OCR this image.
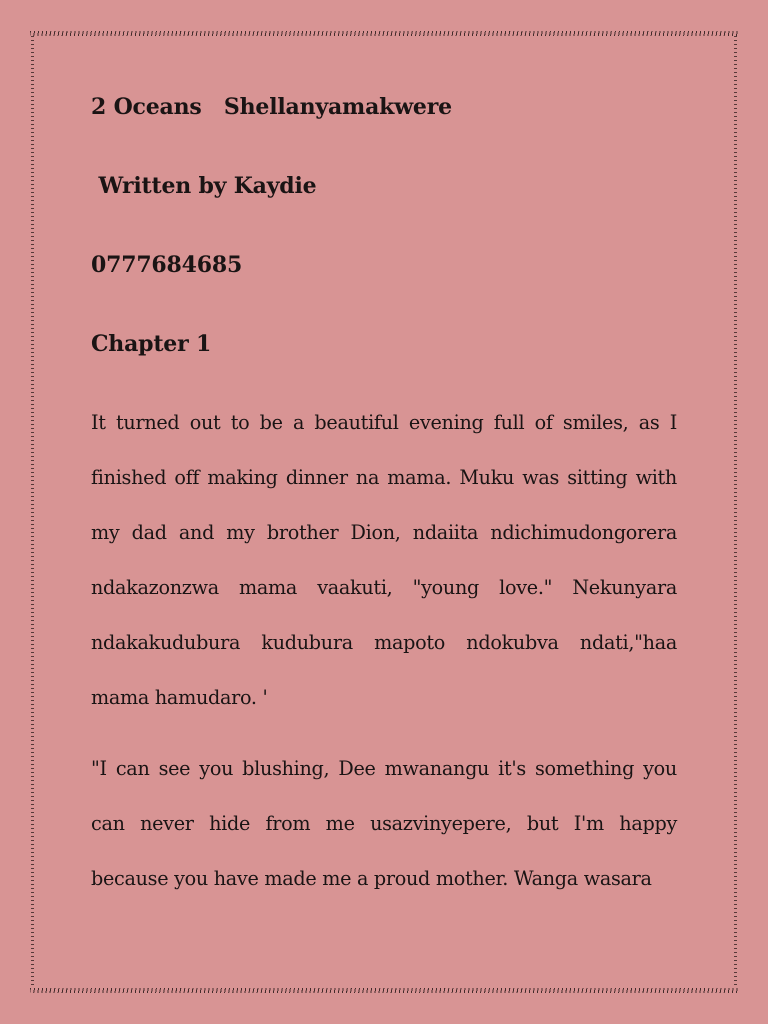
2 Oceans   Shellanyamakwere
Written by Kaydie
0777684685
Chapter 1
It turned out to be a beautiful evening full of smiles, as I finished off making dinner na mama. Muku was sitting with my dad and my brother Dion, ndaiita ndichimudongorera ndakazonzwa mama vaakuti, "young love." Nekunyara ndakakudubura kudubura mapoto ndokubva ndati,"haa mama hamudaro. '
"I can see you blushing, Dee mwanangu it's something you can never hide from me usazvinyepere, but I'm happy because you have made me a proud mother. Wanga wasara
